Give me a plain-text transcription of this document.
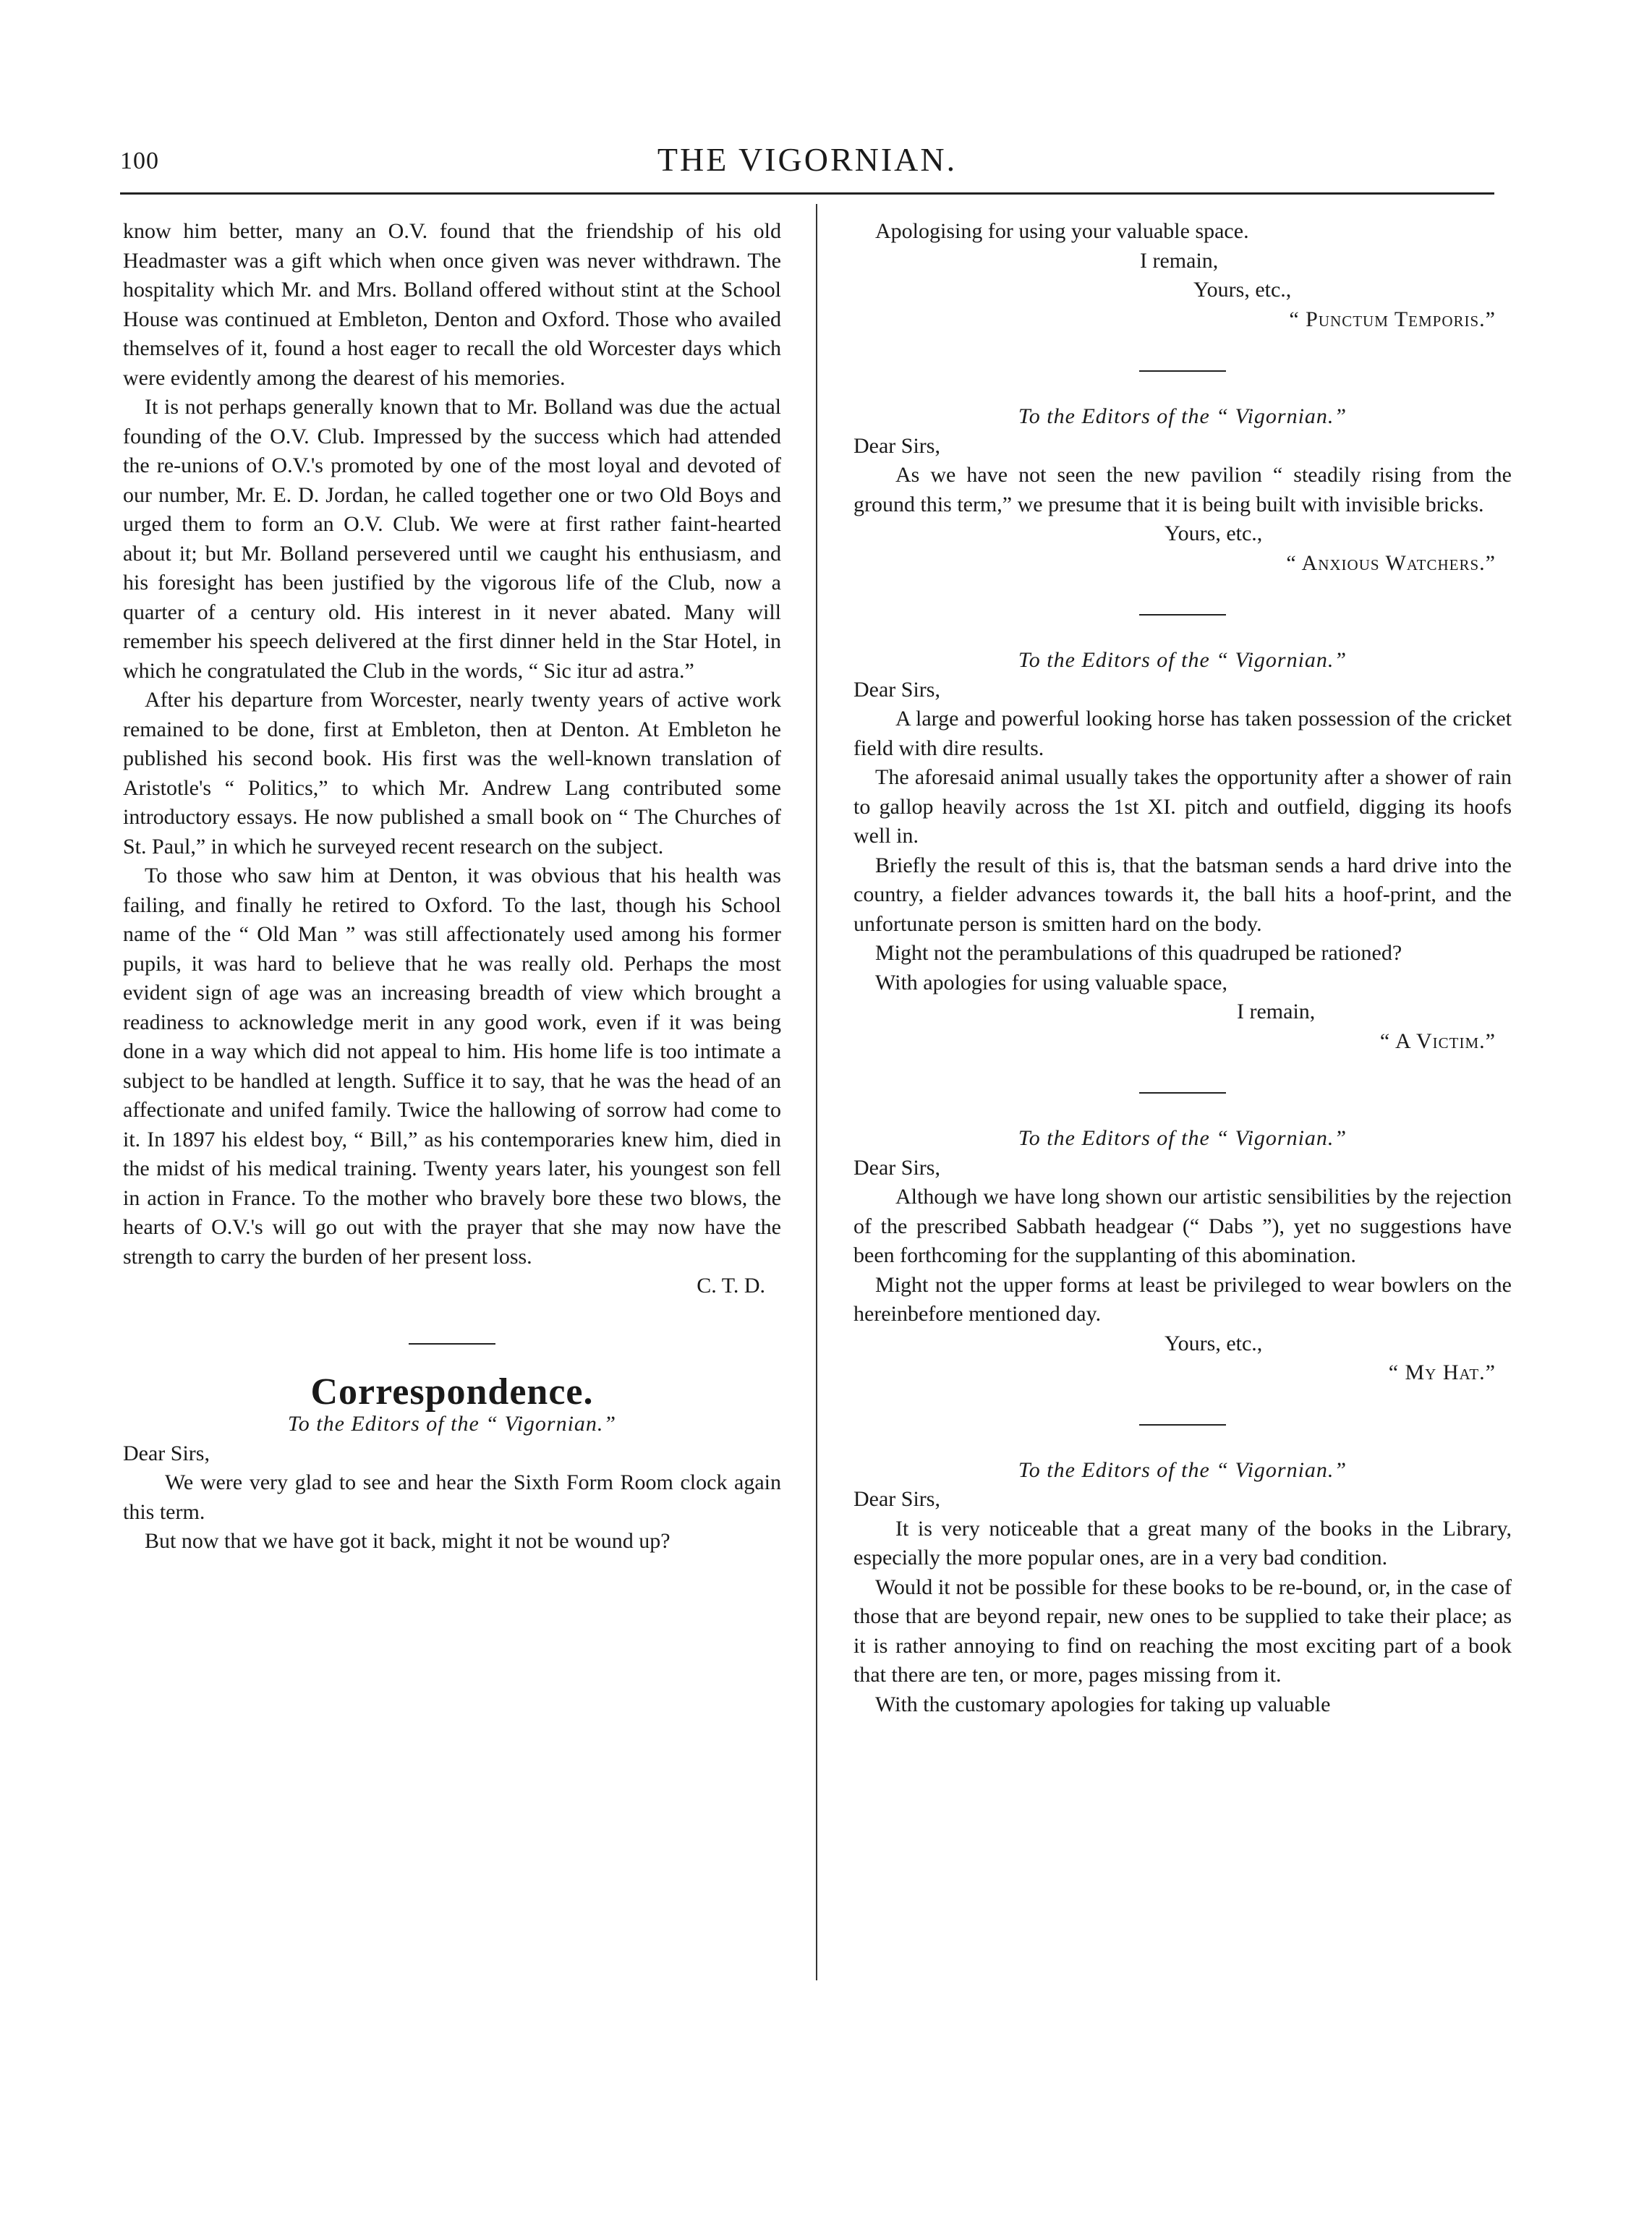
100	THE VIGORNIAN.

know him better, many an O.V. found that the friendship of his old Headmaster was a gift which when once given was never withdrawn. The hospitality which Mr. and Mrs. Bolland offered without stint at the School House was continued at Embleton, Denton and Oxford. Those who availed themselves of it, found a host eager to recall the old Worcester days which were evidently among the dearest of his memories.

It is not perhaps generally known that to Mr. Bolland was due the actual founding of the O.V. Club. Impressed by the success which had attended the re-unions of O.V.'s promoted by one of the most loyal and devoted of our number, Mr. E. D. Jordan, he called together one or two Old Boys and urged them to form an O.V. Club. We were at first rather faint-hearted about it; but Mr. Bolland persevered until we caught his enthusiasm, and his foresight has been justified by the vigorous life of the Club, now a quarter of a century old. His interest in it never abated. Many will remember his speech delivered at the first dinner held in the Star Hotel, in which he congratulated the Club in the words, “ Sic itur ad astra.”

After his departure from Worcester, nearly twenty years of active work remained to be done, first at Embleton, then at Denton. At Embleton he published his second book. His first was the well-known translation of Aristotle's “ Politics,” to which Mr. Andrew Lang contributed some introductory essays. He now published a small book on “ The Churches of St. Paul,” in which he surveyed recent research on the subject.

To those who saw him at Denton, it was obvious that his health was failing, and finally he retired to Oxford. To the last, though his School name of the “ Old Man ” was still affectionately used among his former pupils, it was hard to believe that he was really old. Perhaps the most evident sign of age was an increasing breadth of view which brought a readiness to acknowledge merit in any good work, even if it was being done in a way which did not appeal to him. His home life is too intimate a subject to be handled at length. Suffice it to say, that he was the head of an affectionate and unifed family. Twice the hallowing of sorrow had come to it. In 1897 his eldest boy, “ Bill,” as his contemporaries knew him, died in the midst of his medical training. Twenty years later, his youngest son fell in action in France. To the mother who bravely bore these two blows, the hearts of O.V.'s will go out with the prayer that she may now have the strength to carry the burden of her present loss.

C. T. D.

Correspondence.

To the Editors of the “ Vigornian.”

Dear Sirs,

We were very glad to see and hear the Sixth Form Room clock again this term.

But now that we have got it back, might it not be wound up?

Apologising for using your valuable space.

I remain,

Yours, etc.,

“ Punctum Temporis.”

To the Editors of the “ Vigornian.”

Dear Sirs,

As we have not seen the new pavilion “ steadily rising from the ground this term,” we presume that it is being built with invisible bricks.

Yours, etc.,

“ Anxious Watchers.”

To the Editors of the “ Vigornian.”

Dear Sirs,

A large and powerful looking horse has taken possession of the cricket field with dire results.

The aforesaid animal usually takes the opportunity after a shower of rain to gallop heavily across the 1st XI. pitch and outfield, digging its hoofs well in.

Briefly the result of this is, that the batsman sends a hard drive into the country, a fielder advances towards it, the ball hits a hoof-print, and the unfortunate person is smitten hard on the body.

Might not the perambulations of this quadruped be rationed?

With apologies for using valuable space,

I remain,

“ A Victim.”

To the Editors of the “ Vigornian.”

Dear Sirs,

Although we have long shown our artistic sensibilities by the rejection of the prescribed Sabbath headgear (“ Dabs ”), yet no suggestions have been forthcoming for the supplanting of this abomination.

Might not the upper forms at least be privileged to wear bowlers on the hereinbefore mentioned day.

Yours, etc.,

“ My Hat.”

To the Editors of the “ Vigornian.”

Dear Sirs,

It is very noticeable that a great many of the books in the Library, especially the more popular ones, are in a very bad condition.

Would it not be possible for these books to be re-bound, or, in the case of those that are beyond repair, new ones to be supplied to take their place; as it is rather annoying to find on reaching the most exciting part of a book that there are ten, or more, pages missing from it.

With the customary apologies for taking up valuable
